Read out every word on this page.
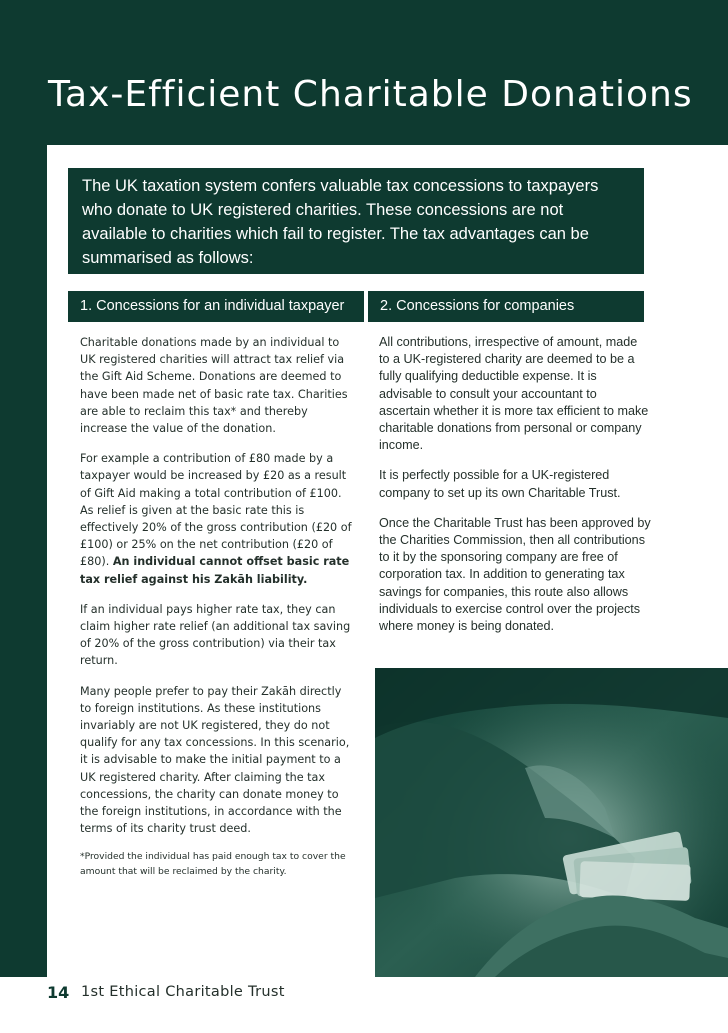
Tax-Efficient Charitable Donations
The UK taxation system confers valuable tax concessions to taxpayers who donate to UK registered charities. These concessions are not available to charities which fail to register. The tax advantages can be summarised as follows:
1. Concessions for an individual taxpayer	2. Concessions for companies

Charitable donations made by an individual to UK registered charities will attract tax relief via the Gift Aid Scheme. Donations are deemed to have been made net of basic rate tax. Charities are able to reclaim this tax* and thereby increase the value of the donation.

For example a contribution of £80 made by a taxpayer would be increased by £20 as a result of Gift Aid making a total contribution of £100. As relief is given at the basic rate this is effectively 20% of the gross contribution (£20 of £100) or 25% on the net contribution (£20 of £80). An individual cannot offset basic rate tax relief against his Zakāh liability.

If an individual pays higher rate tax, they can claim higher rate relief (an additional tax saving of 20% of the gross contribution) via their tax return.

Many people prefer to pay their Zakāh directly to foreign institutions. As these institutions invariably are not UK registered, they do not qualify for any tax concessions. In this scenario, it is advisable to make the initial payment to a UK registered charity. After claiming the tax concessions, the charity can donate money to the foreign institutions, in accordance with the terms of its charity trust deed.

*Provided the individual has paid enough tax to cover the amount that will be reclaimed by the charity.

All contributions, irrespective of amount, made to a UK-registered charity are deemed to be a fully qualifying deductible expense. It is advisable to consult your accountant to ascertain whether it is more tax efficient to make charitable donations from personal or company income.

It is perfectly possible for a UK-registered company to set up its own Charitable Trust.

Once the Charitable Trust has been approved by the Charities Commission, then all contributions to it by the sponsoring company are free of corporation tax. In addition to generating tax savings for companies, this route also allows individuals to exercise control over the projects where money is being donated.

14 1st Ethical Charitable Trust
